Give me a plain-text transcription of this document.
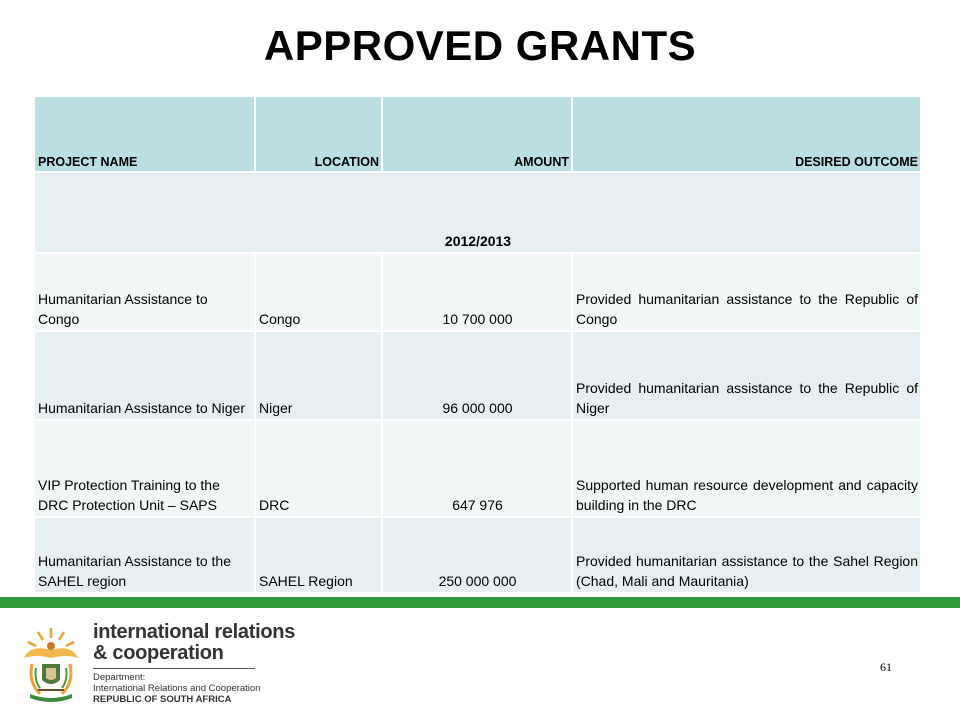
APPROVED GRANTS
PROJECT NAME	LOCATION	AMOUNT	DESIRED OUTCOME
2012/2013			
Humanitarian Assistance to Congo	Congo	10 700 000	Provided humanitarian assistance to the Republic of Congo
Humanitarian Assistance to Niger	Niger	96 000 000	Provided humanitarian assistance to the Republic of Niger
VIP Protection Training to the DRC Protection Unit – SAPS	DRC	647 976	Supported human resource development and capacity building in the DRC
Humanitarian Assistance to the SAHEL region	SAHEL Region	250 000 000	Provided humanitarian assistance to the Sahel Region (Chad, Mali and Mauritania)
international relations
& cooperation
Department:
International Relations and Cooperation
REPUBLIC OF SOUTH AFRICA
61
